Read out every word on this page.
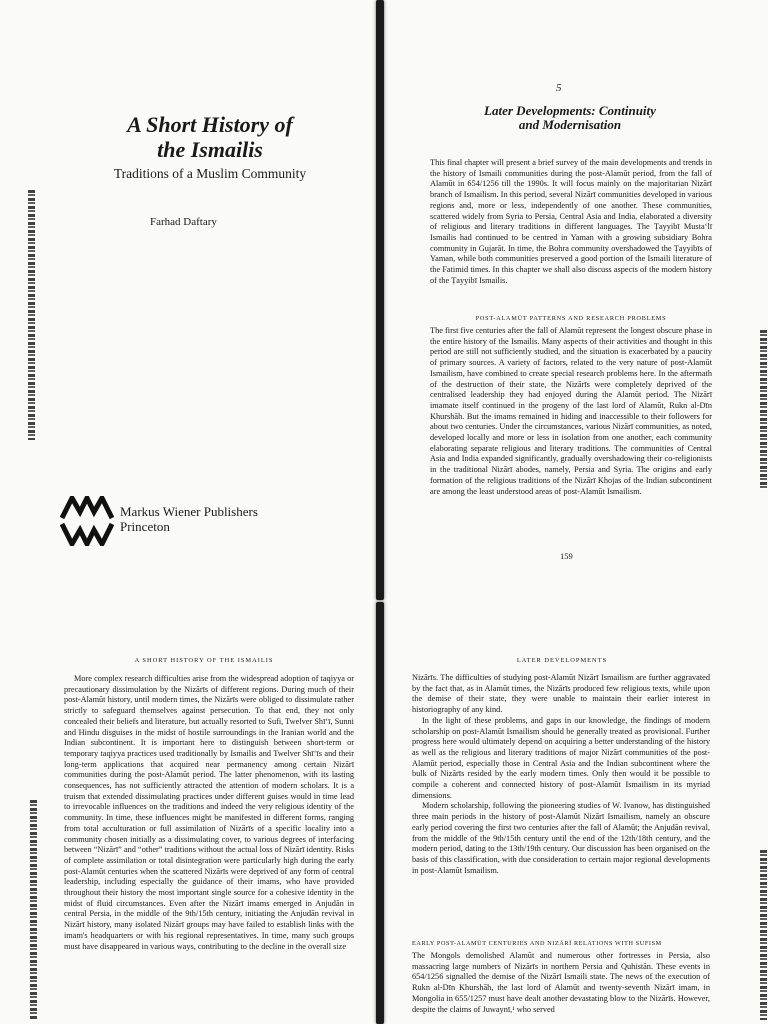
A Short History of
the Ismailis

Traditions of a Muslim Community

Farhad Daftary

Markus Wiener Publishers
Princeton
5
Later Developments: Continuity
and Modernisation

This final chapter will present a brief survey of the main developments and trends in the history of Ismaili communities during the post-Alamūt period, from the fall of Alamūt in 654/1256 till the 1990s. It will focus mainly on the majoritarian Nizārī branch of Ismailism. In this period, several Nizārī communities developed in various regions and, more or less, independently of one another. These communities, scattered widely from Syria to Persia, Central Asia and India, elaborated a diversity of religious and literary traditions in different languages. The Ṭayyibī Musta‘lī Ismailis had continued to be centred in Yaman with a growing subsidiary Bohra community in Gujarāt. In time, the Bohra community overshadowed the Ṭayyibīs of Yaman, while both communities preserved a good portion of the Ismaili literature of the Fatimid times. In this chapter we shall also discuss aspects of the modern history of the Ṭayyibī Ismailis.

POST-ALAMŪT PATTERNS AND RESEARCH PROBLEMS

The first five centuries after the fall of Alamūt represent the longest obscure phase in the entire history of the Ismailis. Many aspects of their activities and thought in this period are still not sufficiently studied, and the situation is exacerbated by a paucity of primary sources. A variety of factors, related to the very nature of post-Alamūt Ismailism, have combined to create special research problems here. In the aftermath of the destruction of their state, the Nizārīs were completely deprived of the centralised leadership they had enjoyed during the Alamūt period. The Nizārī imamate itself continued in the progeny of the last lord of Alamūt, Rukn al-Dīn Khurshāh. But the imams remained in hiding and inaccessible to their followers for about two centuries. Under the circumstances, various Nizārī communities, as noted, developed locally and more or less in isolation from one another, each community elaborating separate religious and literary traditions. The communities of Central Asia and India expanded significantly, gradually overshadowing their co-religionists in the traditional Nizārī abodes, namely, Persia and Syria. The origins and early formation of the religious traditions of the Nizārī Khojas of the Indian subcontinent are among the least understood areas of post-Alamūt Ismailism.

159
A SHORT HISTORY OF THE ISMAILIS

More complex research difficulties arise from the widespread adoption of taqiyya or precautionary dissimulation by the Nizārīs of different regions. During much of their post-Alamūt history, until modern times, the Nizārīs were obliged to dissimulate rather strictly to safeguard themselves against persecution. To that end, they not only concealed their beliefs and literature, but actually resorted to Sufi, Twelver Shī‘ī, Sunni and Hindu disguises in the midst of hostile surroundings in the Iranian world and the Indian subcontinent. It is important here to distinguish between short-term or temporary taqiyya practices used traditionally by Ismailis and Twelver Shī‘īs and their long-term applications that acquired near permanency among certain Nizārī communities during the post-Alamūt period. The latter phenomenon, with its lasting consequences, has not sufficiently attracted the attention of modern scholars. It is a truism that extended dissimulating practices under different guises would in time lead to irrevocable influences on the traditions and indeed the very religious identity of the community. In time, these influences might be manifested in different forms, ranging from total acculturation or full assimilation of Nizārīs of a specific locality into a community chosen initially as a dissimulating cover, to various degrees of interfacing between “Nizārī” and “other” traditions without the actual loss of Nizārī identity. Risks of complete assimilation or total disintegration were particularly high during the early post-Alamūt centuries when the scattered Nizārīs were deprived of any form of central leadership, including especially the guidance of their imams, who have provided throughout their history the most important single source for a cohesive identity in the midst of fluid circumstances. Even after the Nizārī imams emerged in Anjudān in central Persia, in the middle of the 9th/15th century, initiating the Anjudān revival in Nizārī history, many isolated Nizārī groups may have failed to establish links with the imam's headquarters or with his regional representatives. In time, many such groups must have disappeared in various ways, contributing to the decline in the overall size

LATER DEVELOPMENTS

Nizārīs. The difficulties of studying post-Alamūt Nizārī Ismailism are further aggravated by the fact that, as in Alamūt times, the Nizārīs produced few religious texts, while upon the demise of their state, they were unable to maintain their earlier interest in historiography of any kind.

In the light of these problems, and gaps in our knowledge, the findings of modern scholarship on post-Alamūt Ismailism should be generally treated as provisional. Further progress here would ultimately depend on acquiring a better understanding of the history as well as the religious and literary traditions of major Nizārī communities of the post-Alamūt period, especially those in Central Asia and the Indian subcontinent where the bulk of Nizārīs resided by the early modern times. Only then would it be possible to compile a coherent and connected history of post-Alamūt Ismailism in its myriad dimensions.

Modern scholarship, following the pioneering studies of W. Ivanow, has distinguished three main periods in the history of post-Alamūt Nizārī Ismailism, namely an obscure early period covering the first two centuries after the fall of Alamūt; the Anjudān revival, from the middle of the 9th/15th century until the end of the 12th/18th century, and the modern period, dating to the 13th/19th century. Our discussion has been organised on the basis of this classification, with due consideration to certain major regional developments in post-Alamūt Ismailism.

EARLY POST-ALAMŪT CENTURIES AND NIZĀRĪ RELATIONS WITH SUFISM

The Mongols demolished Alamūt and numerous other fortresses in Persia, also massacring large numbers of Nizārīs in northern Persia and Quhistān. These events in 654/1256 signalled the demise of the Nizārī Ismaili state. The news of the execution of Rukn al-Dīn Khurshāh, the last lord of Alamūt and twenty-seventh Nizārī imam, in Mongolia in 655/1257 must have dealt another devastating blow to the Nizārīs. However, despite the claims of Juwaynī,¹ who served
